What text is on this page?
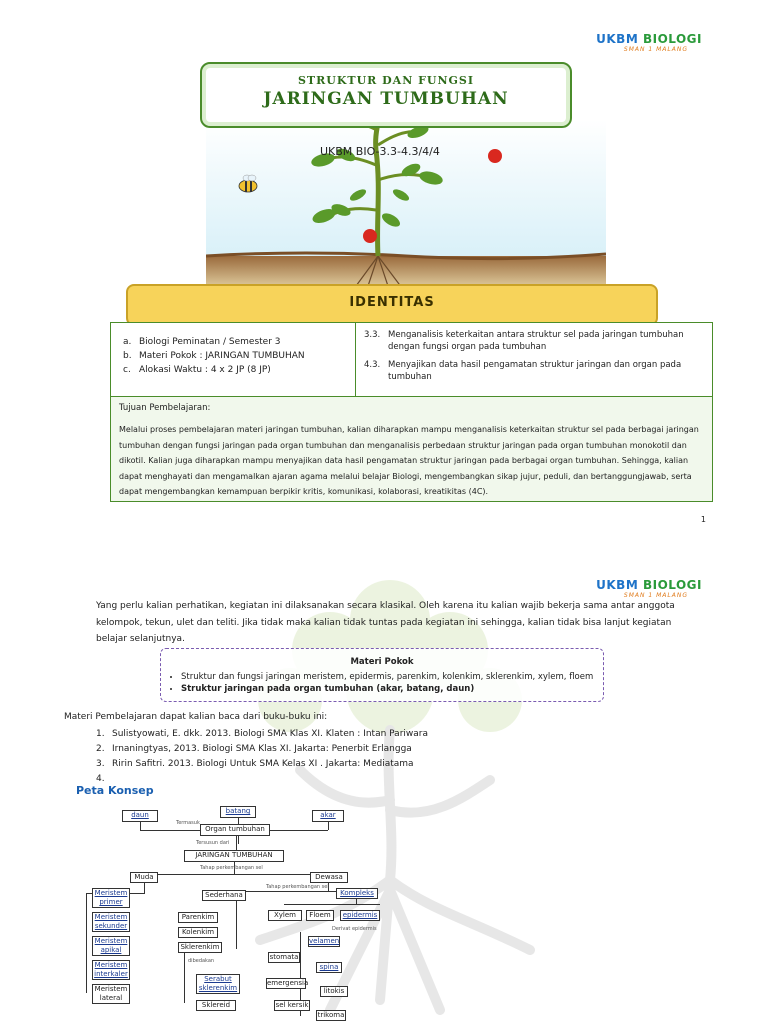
UKBM BIOLOGI
SMAN 1 MALANG
STRUKTUR DAN FUNGSI
JARINGAN TUMBUHAN
UKBM BIO-3.3-4.3/4/4
IDENTITAS
a. Biologi Peminatan / Semester 3
b. Materi Pokok : JARINGAN TUMBUHAN
c. Alokasi Waktu : 4 x 2 JP (8 JP)
3.3. Menganalisis keterkaitan antara struktur sel pada jaringan tumbuhan dengan fungsi organ pada tumbuhan
4.3. Menyajikan data hasil pengamatan struktur jaringan dan organ pada tumbuhan
Tujuan Pembelajaran:
Melalui proses pembelajaran materi jaringan tumbuhan, kalian diharapkan mampu menganalisis keterkaitan struktur sel pada berbagai jaringan tumbuhan dengan fungsi jaringan pada organ tumbuhan dan menganalisis perbedaan struktur jaringan pada organ tumbuhan monokotil dan dikotil. Kalian juga diharapkan mampu menyajikan data hasil pengamatan struktur jaringan pada berbagai organ tumbuhan. Sehingga, kalian dapat menghayati dan mengamalkan ajaran agama melalui belajar Biologi, mengembangkan sikap jujur, peduli, dan bertanggungjawab, serta dapat mengembangkan kemampuan berpikir kritis, komunikasi, kolaborasi, kreatikitas (4C).
1
UKBM BIOLOGI
SMAN 1 MALANG
Yang perlu kalian perhatikan, kegiatan ini dilaksanakan secara klasikal. Oleh karena itu kalian wajib bekerja sama antar anggota kelompok, tekun, ulet dan teliti. Jika tidak maka kalian tidak tuntas pada kegiatan ini sehingga, kalian tidak bisa lanjut kegiatan belajar selanjutnya.
Materi Pokok
• Struktur dan fungsi jaringan meristem, epidermis, parenkim, kolenkim, sklerenkim, xylem, floem
• Struktur jaringan pada organ tumbuhan (akar, batang, daun)
Materi Pembelajaran dapat kalian baca dari buku-buku ini:
1. Sulistyowati, E. dkk. 2013. Biologi SMA Klas XI. Klaten : Intan Pariwara
2. Irnaningtyas, 2013. Biologi SMA Klas XI. Jakarta: Penerbit Erlangga
3. Ririn Safitri. 2013. Biologi Untuk SMA Kelas XI . Jakarta: Mediatama
4.
Peta Konsep
daun	batang	akar
Termasuk
Organ tumbuhan
Tersusun dari
JARINGAN TUMBUHAN
Tahap perkembangan sel
Muda	Dewasa
Meristem primer
Meristem sekunder
Meristem apikal
Meristem interkaler
Meristem lateral
Tahap perkembangan sel
Sederhana	Kompleks
Parenkim
Kolenkim
Sklerenkim
dibedakan
Serabut sklerenkim
Sklereid
Xylem	Floem	epidermis
Derivat epidermis
velamen
stomata
spina
emergensia
litokis
sel kersik
trikoma
